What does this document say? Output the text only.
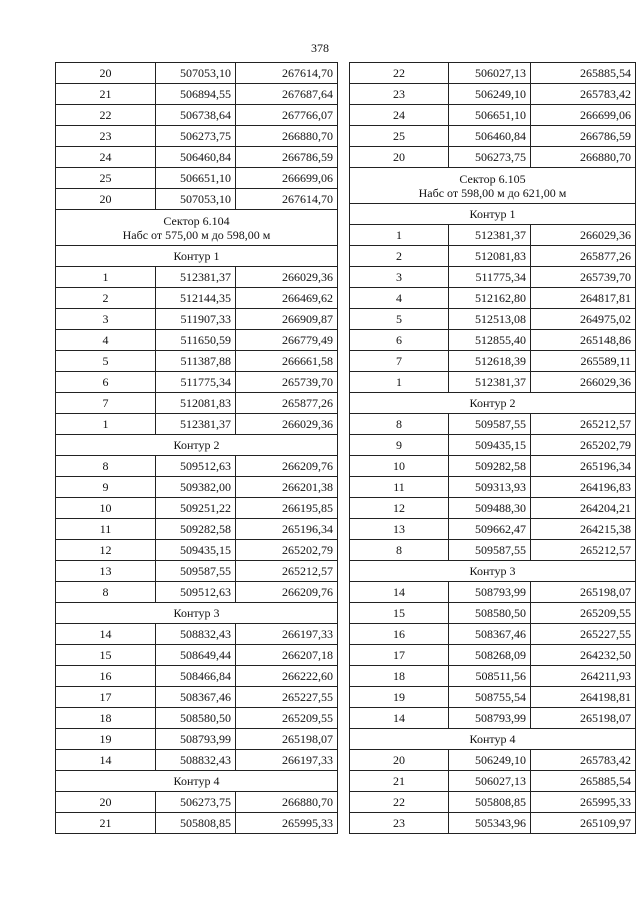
378
20	507053,10	267614,70
21	506894,55	267687,64
22	506738,64	267766,07
23	506273,75	266880,70
24	506460,84	266786,59
25	506651,10	266699,06
20	507053,10	267614,70

Сектор 6.104
Набс от 575,00 м до 598,00 м		

Контур 1		
1	512381,37	266029,36
2	512144,35	266469,62
3	511907,33	266909,87
4	511650,59	266779,49
5	511387,88	266661,58
6	511775,34	265739,70
7	512081,83	265877,26
1	512381,37	266029,36
Контур 2		
8	509512,63	266209,76
9	509382,00	266201,38
10	509251,22	266195,85
11	509282,58	265196,34
12	509435,15	265202,79
13	509587,55	265212,57
8	509512,63	266209,76
Контур 3		
14	508832,43	266197,33
15	508649,44	266207,18
16	508466,84	266222,60
17	508367,46	265227,55
18	508580,50	265209,55
19	508793,99	265198,07
14	508832,43	266197,33
Контур 4		
20	506273,75	266880,70
21	505808,85	265995,33
22	506027,13	265885,54
23	506249,10	265783,42
24	506651,10	266699,06
25	506460,84	266786,59
20	506273,75	266880,70

Сектор 6.105
Набс от 598,00 м до 621,00 м		

Контур 1		
1	512381,37	266029,36
2	512081,83	265877,26
3	511775,34	265739,70
4	512162,80	264817,81
5	512513,08	264975,02
6	512855,40	265148,86
7	512618,39	265589,11
1	512381,37	266029,36
Контур 2		
8	509587,55	265212,57
9	509435,15	265202,79
10	509282,58	265196,34
11	509313,93	264196,83
12	509488,30	264204,21
13	509662,47	264215,38
8	509587,55	265212,57
Контур 3		
14	508793,99	265198,07
15	508580,50	265209,55
16	508367,46	265227,55
17	508268,09	264232,50
18	508511,56	264211,93
19	508755,54	264198,81
14	508793,99	265198,07
Контур 4		
20	506249,10	265783,42
21	506027,13	265885,54
22	505808,85	265995,33
23	505343,96	265109,97
